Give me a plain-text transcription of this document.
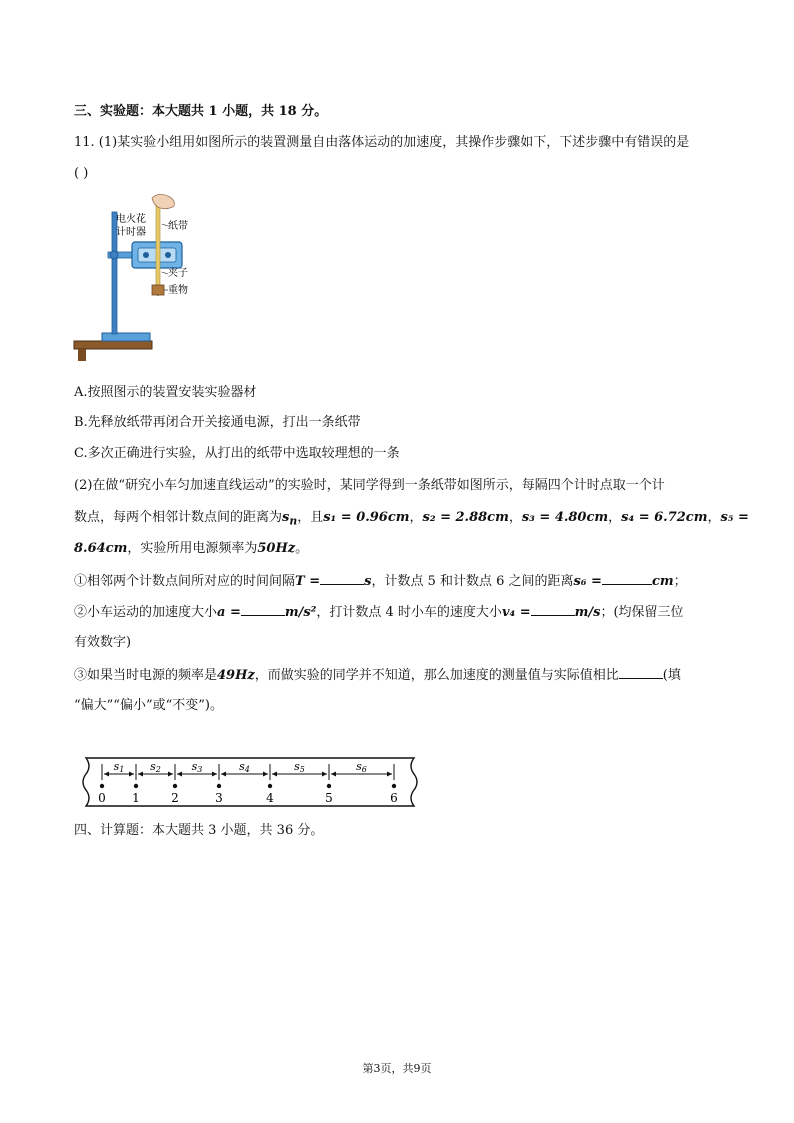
三、实验题：本大题共 1 小题，共 18 分。
11. (1)某实验小组用如图所示的装置测量自由落体运动的加速度，其操作步骤如下，下述步骤中有错误的是
( )
电火花
计时器
纸带
夹子
重物
A.按照图示的装置安装实验器材
B.先释放纸带再闭合开关接通电源，打出一条纸带
C.多次正确进行实验，从打出的纸带中选取较理想的一条
(2)在做“研究小车匀加速直线运动”的实验时，某同学得到一条纸带如图所示，每隔四个计时点取一个计
数点，每两个相邻计数点间的距离为$s_n$，且s₁ = 0.96cm，s₂ = 2.88cm，s₃ = 4.80cm，s₄ = 6.72cm，s₅ =
8.64cm，实验所用电源频率为50Hz。
①相邻两个计数点间所对应的时间间隔T =	s，计数点 5 和计数点 6 之间的距离s₆ =	cm；
②小车运动的加速度大小a =	m/s²，打计数点 4 时小车的速度大小v₄ =	m/s；(均保留三位
有效数字)
③如果当时电源的频率是49Hz，而做实验的同学并不知道，那么加速度的测量值与实际值相比	(填
“偏大”“偏小”或“不变”)。
0 1	2	3	4	5	6
s1 s2	s3	s4	s5	s6
四、计算题：本大题共 3 小题，共 36 分。
第3页，共9页
